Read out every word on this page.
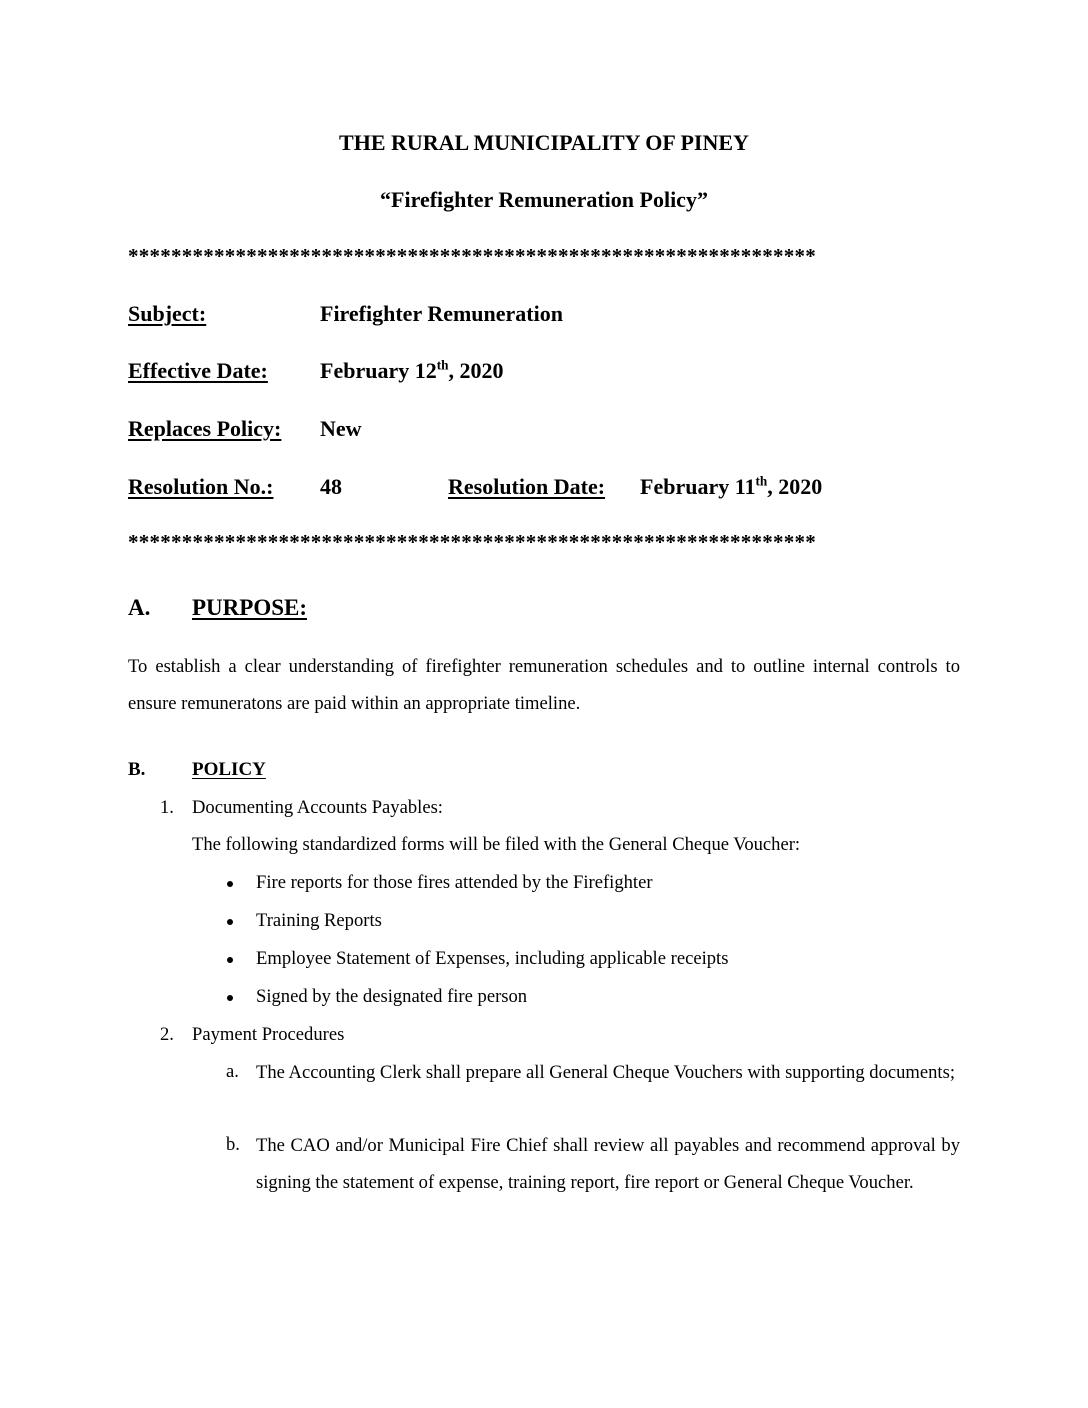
THE RURAL MUNICIPALITY OF PINEY
“Firefighter Remuneration Policy”
****************************************************************
Subject:	Firefighter Remuneration
Effective Date: February 12th, 2020
Replaces Policy: New
Resolution No.: 48	Resolution Date: February 11th, 2020
****************************************************************
A. PURPOSE:
To establish a clear understanding of firefighter remuneration schedules and to outline internal controls to ensure remuneratons are paid within an appropriate timeline.
B. POLICY
1. Documenting Accounts Payables:
The following standardized forms will be filed with the General Cheque Voucher:
Fire reports for those fires attended by the Firefighter
Training Reports
Employee Statement of Expenses, including applicable receipts
Signed by the designated fire person
2. Payment Procedures
a. The Accounting Clerk shall prepare all General Cheque Vouchers with supporting documents;
b. The CAO and/or Municipal Fire Chief shall review all payables and recommend approval by signing the statement of expense, training report, fire report or General Cheque Voucher.
